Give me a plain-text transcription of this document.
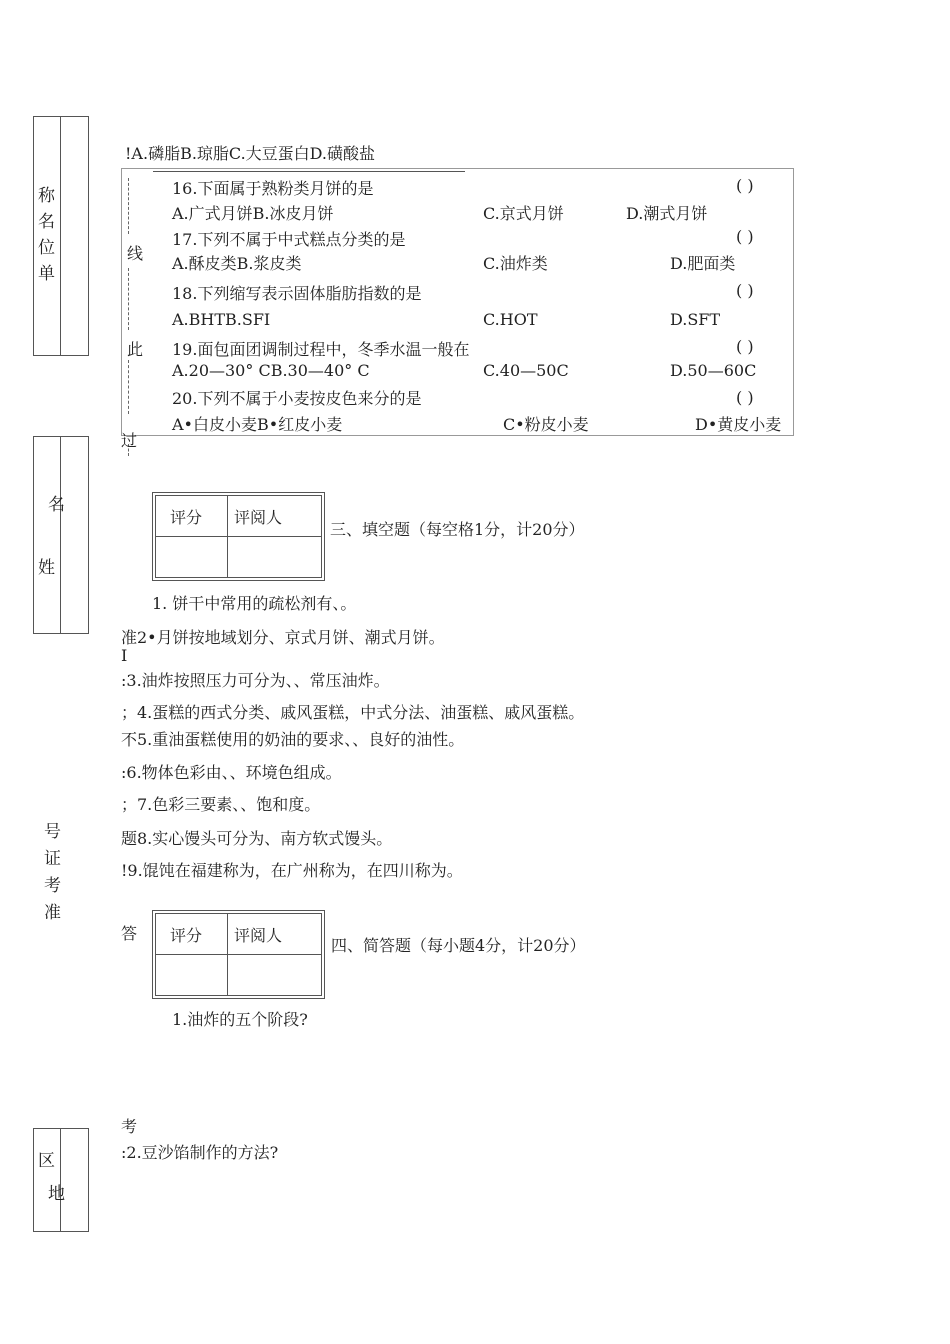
称
名
位
单
名
姓
号
证
考
准
区
地
!A.磷脂B.琼脂C.大豆蛋白D.磺酸盐
线
此
过
16.下面属于熟粉类月饼的是	( )
A.广式月饼B.冰皮月饼	C.京式月饼	D.潮式月饼
17.下列不属于中式糕点分类的是	( )
A.酥皮类B.浆皮类	C.油炸类	D.肥面类
18.下列缩写表示固体脂肪指数的是	( )
A.BHTB.SFI	C.HOT	D.SFT
19.面包面团调制过程中，冬季水温一般在	( )
A.20—30° CB.30—40° C	C.40—50C	D.50—60C
20.下列不属于小麦按皮色来分的是	( )
A•白皮小麦B•红皮小麦	C•粉皮小麦	D•黄皮小麦
评分	评阅人

三、填空题（每空格1分，计20分）
1. 饼干中常用的疏松剂有、。
准2•月饼按地域划分、京式月饼、潮式月饼。
I
:3.油炸按照压力可分为、、常压油炸。
；4.蛋糕的西式分类、戚风蛋糕，中式分法、油蛋糕、戚风蛋糕。
不5.重油蛋糕使用的奶油的要求、、良好的油性。
:6.物体色彩由、、环境色组成。
；7.色彩三要素、、饱和度。
题8.实心馒头可分为、南方软式馒头。
!9.馄饨在福建称为，在广州称为，在四川称为。
答 评分	评阅人

四、简答题（每小题4分，计20分）
1.油炸的五个阶段?
考
:2.豆沙馅制作的方法?
